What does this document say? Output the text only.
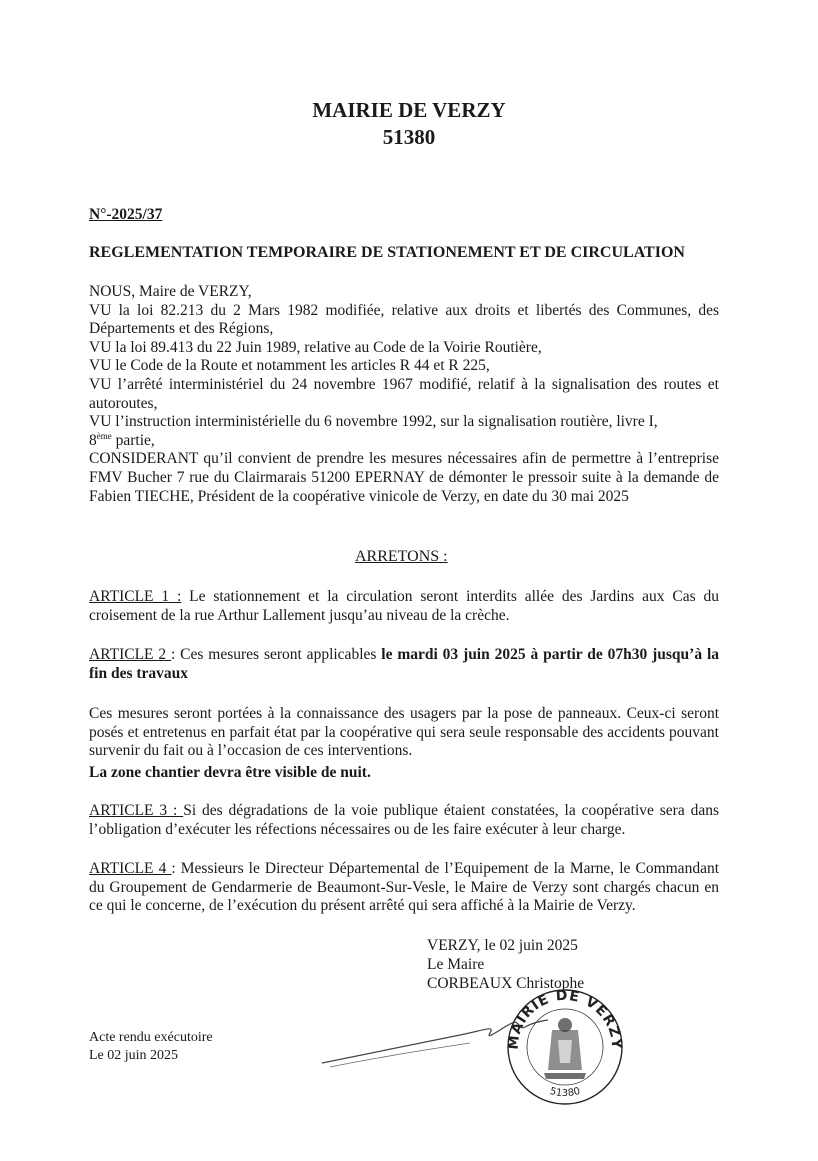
MAIRIE DE VERZY
51380
N°-2025/37
REGLEMENTATION TEMPORAIRE DE STATIONEMENT ET DE CIRCULATION
NOUS, Maire de VERZY,
VU la loi 82.213 du 2 Mars 1982 modifiée, relative aux droits et libertés des Communes, des Départements et des Régions,
VU la loi 89.413 du 22 Juin 1989, relative au Code de la Voirie Routière,
VU le Code de la Route et notamment les articles R 44 et R 225,
VU l’arrêté interministériel du 24 novembre 1967 modifié, relatif à la signalisation des routes et autoroutes,
VU l’instruction interministérielle du 6 novembre 1992, sur la signalisation routière, livre I,
8ème partie,
CONSIDERANT qu’il convient de prendre les mesures nécessaires afin de permettre à l’entreprise FMV Bucher 7 rue du Clairmarais 51200 EPERNAY de démonter le pressoir suite à la demande de Fabien TIECHE, Président de la coopérative vinicole de Verzy, en date du 30 mai 2025
ARRETONS :
ARTICLE 1 : Le stationnement et la circulation seront interdits allée des Jardins aux Cas du croisement de la rue Arthur Lallement jusqu’au niveau de la crèche.
ARTICLE 2 : Ces mesures seront applicables le mardi 03 juin 2025 à partir de 07h30 jusqu’à la fin des travaux
Ces mesures seront portées à la connaissance des usagers par la pose de panneaux. Ceux-ci seront posés et entretenus en parfait état par la coopérative qui sera seule responsable des accidents pouvant survenir du fait ou à l’occasion de ces interventions.
La zone chantier devra être visible de nuit.
ARTICLE 3 : Si des dégradations de la voie publique étaient constatées, la coopérative sera dans l’obligation d’exécuter les réfections nécessaires ou de les faire exécuter à leur charge.
ARTICLE 4 : Messieurs le Directeur Départemental de l’Equipement de la Marne, le Commandant du Groupement de Gendarmerie de Beaumont-Sur-Vesle, le Maire de Verzy sont chargés chacun en ce qui le concerne, de l’exécution du présent arrêté qui sera affiché à la Mairie de Verzy.
VERZY, le 02 juin 2025
Le Maire
CORBEAUX Christophe
MAIRIE DE VERZY
51380
Acte rendu exécutoire
Le 02 juin 2025
